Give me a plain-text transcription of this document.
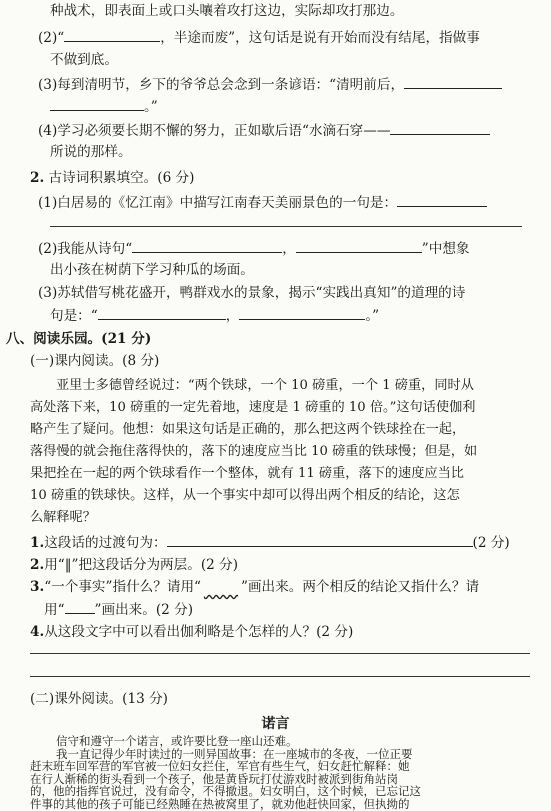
种战术，即表面上或口头嚷着攻打这边，实际却攻打那边。
(2)“	，半途而废”，这句话是说有开始而没有结尾，指做事
不做到底。
(3)每到清明节，乡下的爷爷总会念到一条谚语：“清明前后，
。”
(4)学习必须要长期不懈的努力，正如歇后语“水滴石穿——
所说的那样。
2. 古诗词积累填空。(6 分)
(1)白居易的《忆江南》中描写江南春天美丽景色的一句是：
(2)我能从诗句“	，	”中想象
出小孩在树荫下学习种瓜的场面。
(3)苏轼借写桃花盛开，鸭群戏水的景象，揭示“实践出真知”的道理的诗
句是：“	，	。”
八、阅读乐园。(21 分)
(一)课内阅读。(8 分)
亚里士多德曾经说过：“两个铁球，一个 10 磅重，一个 1 磅重，同时从
高处落下来，10 磅重的一定先着地，速度是 1 磅重的 10 倍。”这句话使伽利
略产生了疑问。他想：如果这句话是正确的，那么把这两个铁球拴在一起，
落得慢的就会拖住落得快的，落下的速度应当比 10 磅重的铁球慢；但是，如
果把拴在一起的两个铁球看作一个整体，就有 11 磅重，落下的速度应当比
10 磅重的铁球快。这样，从一个事实中却可以得出两个相反的结论，这怎
么解释呢？
1.这段话的过渡句为：	(2 分)
2.用“‖”把这段话分为两层。(2 分)
3.“一个事实”指什么？请用“	”画出来。两个相反的结论又指什么？请
用“ ”画出来。(2 分)
4.从这段文字中可以看出伽利略是个怎样的人？(2 分)
(二)课外阅读。(13 分)
诺言
信守和遵守一个诺言，或许要比登一座山还难。
我一直记得少年时读过的一则异国故事：在一座城市的冬夜，一位正要
赶末班车回军营的军官被一位妇女拦住，军官有些生气，妇女赶忙解释：她
在行人渐稀的街头看到一个孩子，他是黄昏玩打仗游戏时被派到街角站岗
的，他的指挥官说过，没有命令，不得撤退。妇女明白，这个时候，已忘记这
件事的其他的孩子可能已经熟睡在热被窝里了，就劝他赶快回家，但执拗的
